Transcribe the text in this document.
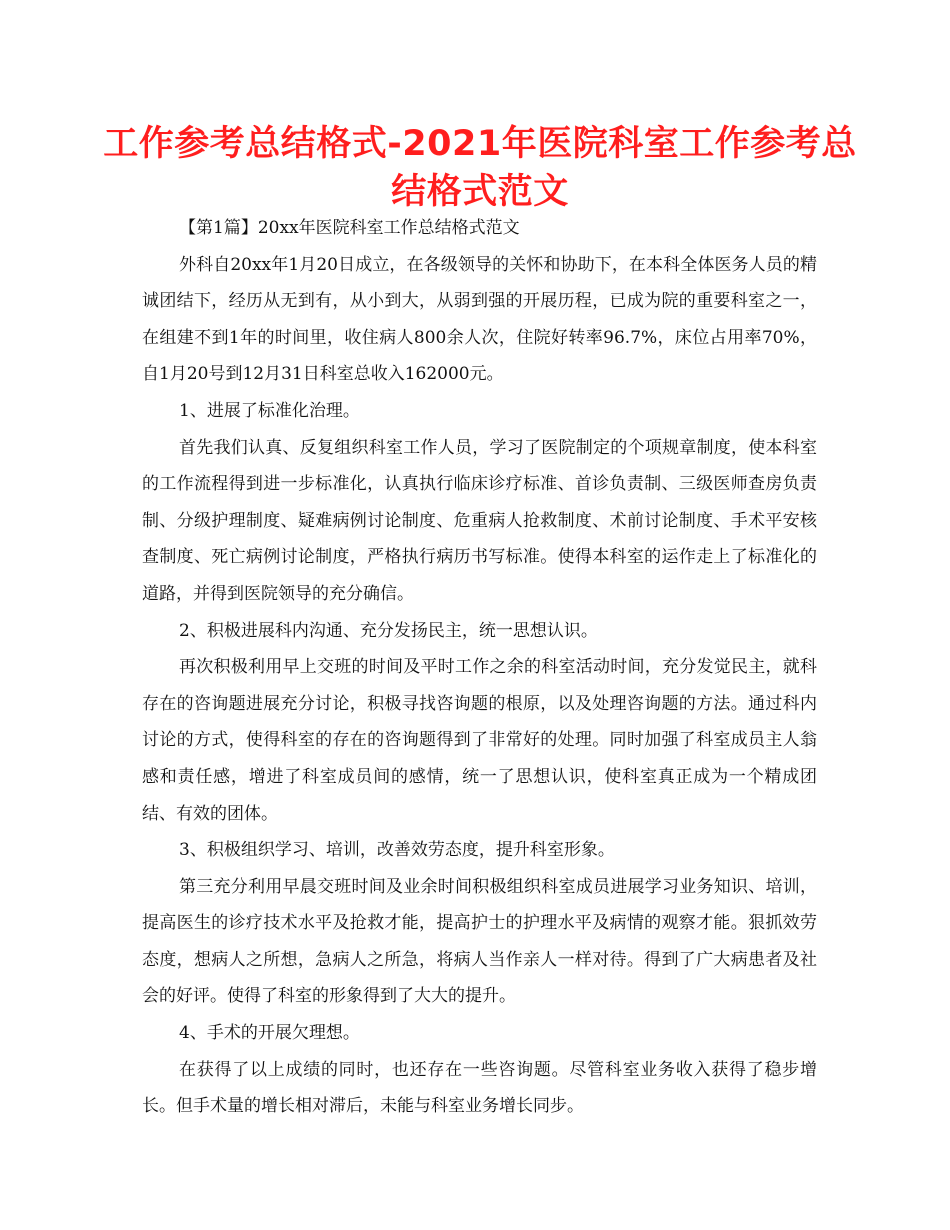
工作参考总结格式-2021年医院科室工作参考总结格式范文

【第1篇】20xx年医院科室工作总结格式范文

外科自20xx年1月20日成立，在各级领导的关怀和协助下，在本科全体医务人员的精诚团结下，经历从无到有，从小到大，从弱到强的开展历程，已成为院的重要科室之一，在组建不到1年的时间里，收住病人800余人次，住院好转率96.7%，床位占用率70%，自1月20号到12月31日科室总收入162000元。

1、进展了标准化治理。

首先我们认真、反复组织科室工作人员，学习了医院制定的个项规章制度，使本科室的工作流程得到进一步标准化，认真执行临床诊疗标准、首诊负责制、三级医师查房负责制、分级护理制度、疑难病例讨论制度、危重病人抢救制度、术前讨论制度、手术平安核查制度、死亡病例讨论制度，严格执行病历书写标准。使得本科室的运作走上了标准化的道路，并得到医院领导的充分确信。

2、积极进展科内沟通、充分发扬民主，统一思想认识。

再次积极利用早上交班的时间及平时工作之余的科室活动时间，充分发觉民主，就科存在的咨询题进展充分讨论，积极寻找咨询题的根原，以及处理咨询题的方法。通过科内讨论的方式，使得科室的存在的咨询题得到了非常好的处理。同时加强了科室成员主人翁感和责任感，增进了科室成员间的感情，统一了思想认识，使科室真正成为一个精成团结、有效的团体。

3、积极组织学习、培训，改善效劳态度，提升科室形象。

第三充分利用早晨交班时间及业余时间积极组织科室成员进展学习业务知识、培训，提高医生的诊疗技术水平及抢救才能，提高护士的护理水平及病情的观察才能。狠抓效劳态度，想病人之所想，急病人之所急，将病人当作亲人一样对待。得到了广大病患者及社会的好评。使得了科室的形象得到了大大的提升。

4、手术的开展欠理想。

在获得了以上成绩的同时，也还存在一些咨询题。尽管科室业务收入获得了稳步增长。但手术量的增长相对滞后，未能与科室业务增长同步。
